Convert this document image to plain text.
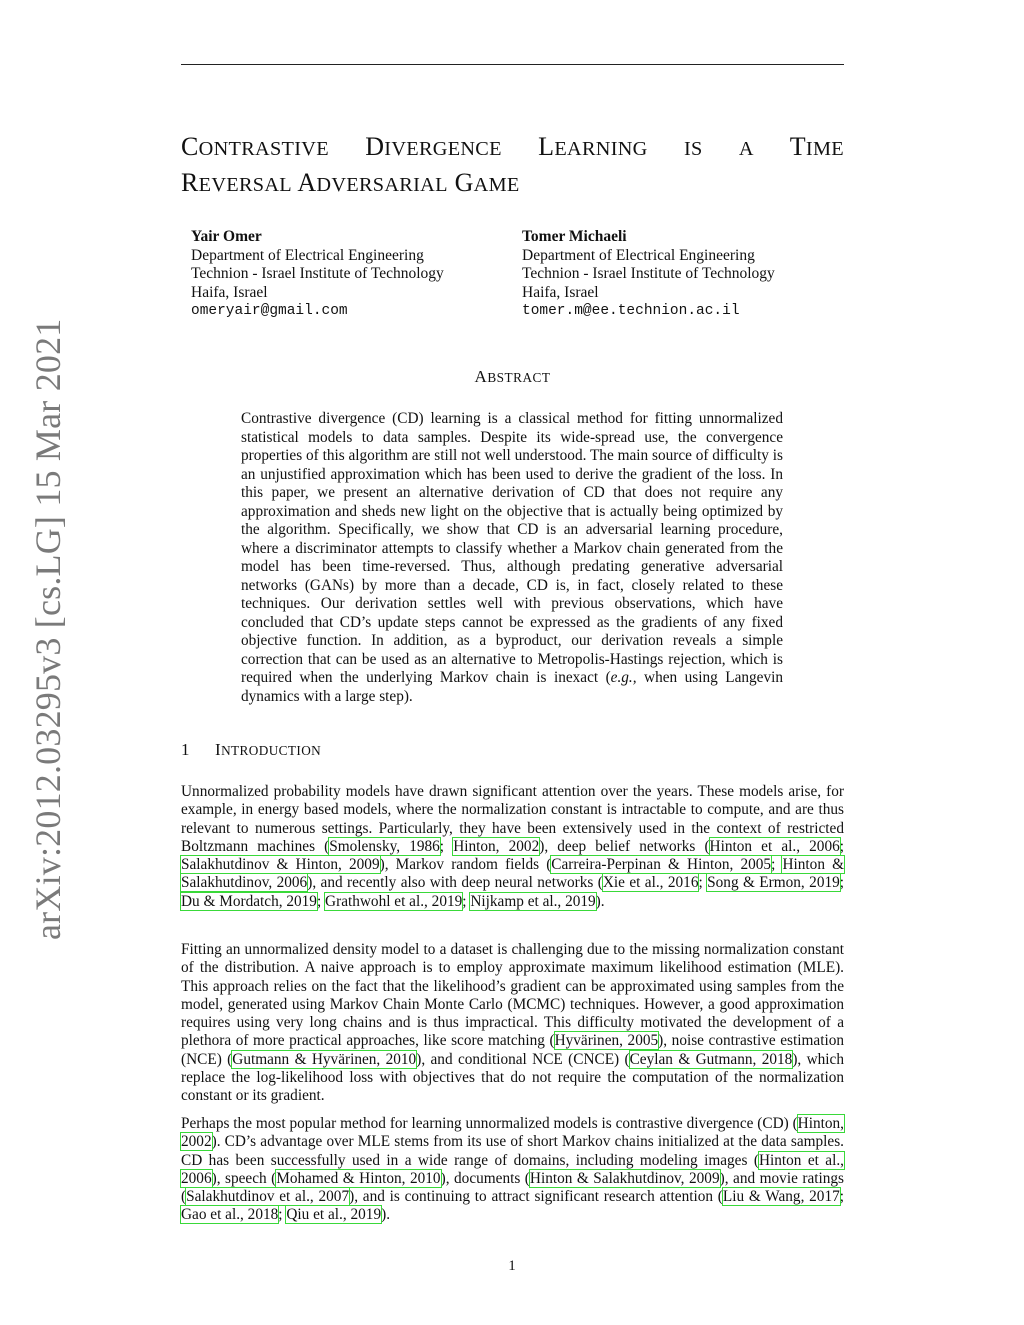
arXiv:2012.03295v3 [cs.LG] 15 Mar 2021
CONTRASTIVE DIVERGENCE LEARNING IS A TIME
REVERSAL ADVERSARIAL GAME
Yair Omer
Department of Electrical Engineering
Technion - Israel Institute of Technology
Haifa, Israel
omeryair@gmail.com
Tomer Michaeli
Department of Electrical Engineering
Technion - Israel Institute of Technology
Haifa, Israel
tomer.m@ee.technion.ac.il
ABSTRACT

Contrastive divergence (CD) learning is a classical method for fitting unnormalized statistical models to data samples. Despite its wide-spread use, the convergence properties of this algorithm are still not well understood. The main source of difficulty is an unjustified approximation which has been used to derive the gradient of the loss. In this paper, we present an alternative derivation of CD that does not require any approximation and sheds new light on the objective that is actually being optimized by the algorithm. Specifically, we show that CD is an adversarial learning procedure, where a discriminator attempts to classify whether a Markov chain generated from the model has been time-reversed. Thus, although predating generative adversarial networks (GANs) by more than a decade, CD is, in fact, closely related to these techniques. Our derivation settles well with previous observations, which have concluded that CD’s update steps cannot be expressed as the gradients of any fixed objective function. In addition, as a byproduct, our derivation reveals a simple correction that can be used as an alternative to Metropolis-Hastings rejection, which is required when the underlying Markov chain is inexact (e.g., when using Langevin dynamics with a large step).

1 INTRODUCTION

Unnormalized probability models have drawn significant attention over the years. These models arise, for example, in energy based models, where the normalization constant is intractable to compute, and are thus relevant to numerous settings. Particularly, they have been extensively used in the context of restricted Boltzmann machines (Smolensky, 1986; Hinton, 2002), deep belief networks (Hinton et al., 2006; Salakhutdinov & Hinton, 2009), Markov random fields (Carreira-Perpinan & Hinton, 2005; Hinton & Salakhutdinov, 2006), and recently also with deep neural networks (Xie et al., 2016; Song & Ermon, 2019; Du & Mordatch, 2019; Grathwohl et al., 2019; Nijkamp et al., 2019).

Fitting an unnormalized density model to a dataset is challenging due to the missing normalization constant of the distribution. A naive approach is to employ approximate maximum likelihood estimation (MLE). This approach relies on the fact that the likelihood’s gradient can be approximated using samples from the model, generated using Markov Chain Monte Carlo (MCMC) techniques. However, a good approximation requires using very long chains and is thus impractical. This difficulty motivated the development of a plethora of more practical approaches, like score matching (Hyvärinen, 2005), noise contrastive estimation (NCE) (Gutmann & Hyvärinen, 2010), and conditional NCE (CNCE) (Ceylan & Gutmann, 2018), which replace the log-likelihood loss with objectives that do not require the computation of the normalization constant or its gradient.

Perhaps the most popular method for learning unnormalized models is contrastive divergence (CD) (Hinton, 2002). CD’s advantage over MLE stems from its use of short Markov chains initialized at the data samples. CD has been successfully used in a wide range of domains, including modeling images (Hinton et al., 2006), speech (Mohamed & Hinton, 2010), documents (Hinton & Salakhutdinov, 2009), and movie ratings (Salakhutdinov et al., 2007), and is continuing to attract significant research attention (Liu & Wang, 2017; Gao et al., 2018; Qiu et al., 2019).

1
